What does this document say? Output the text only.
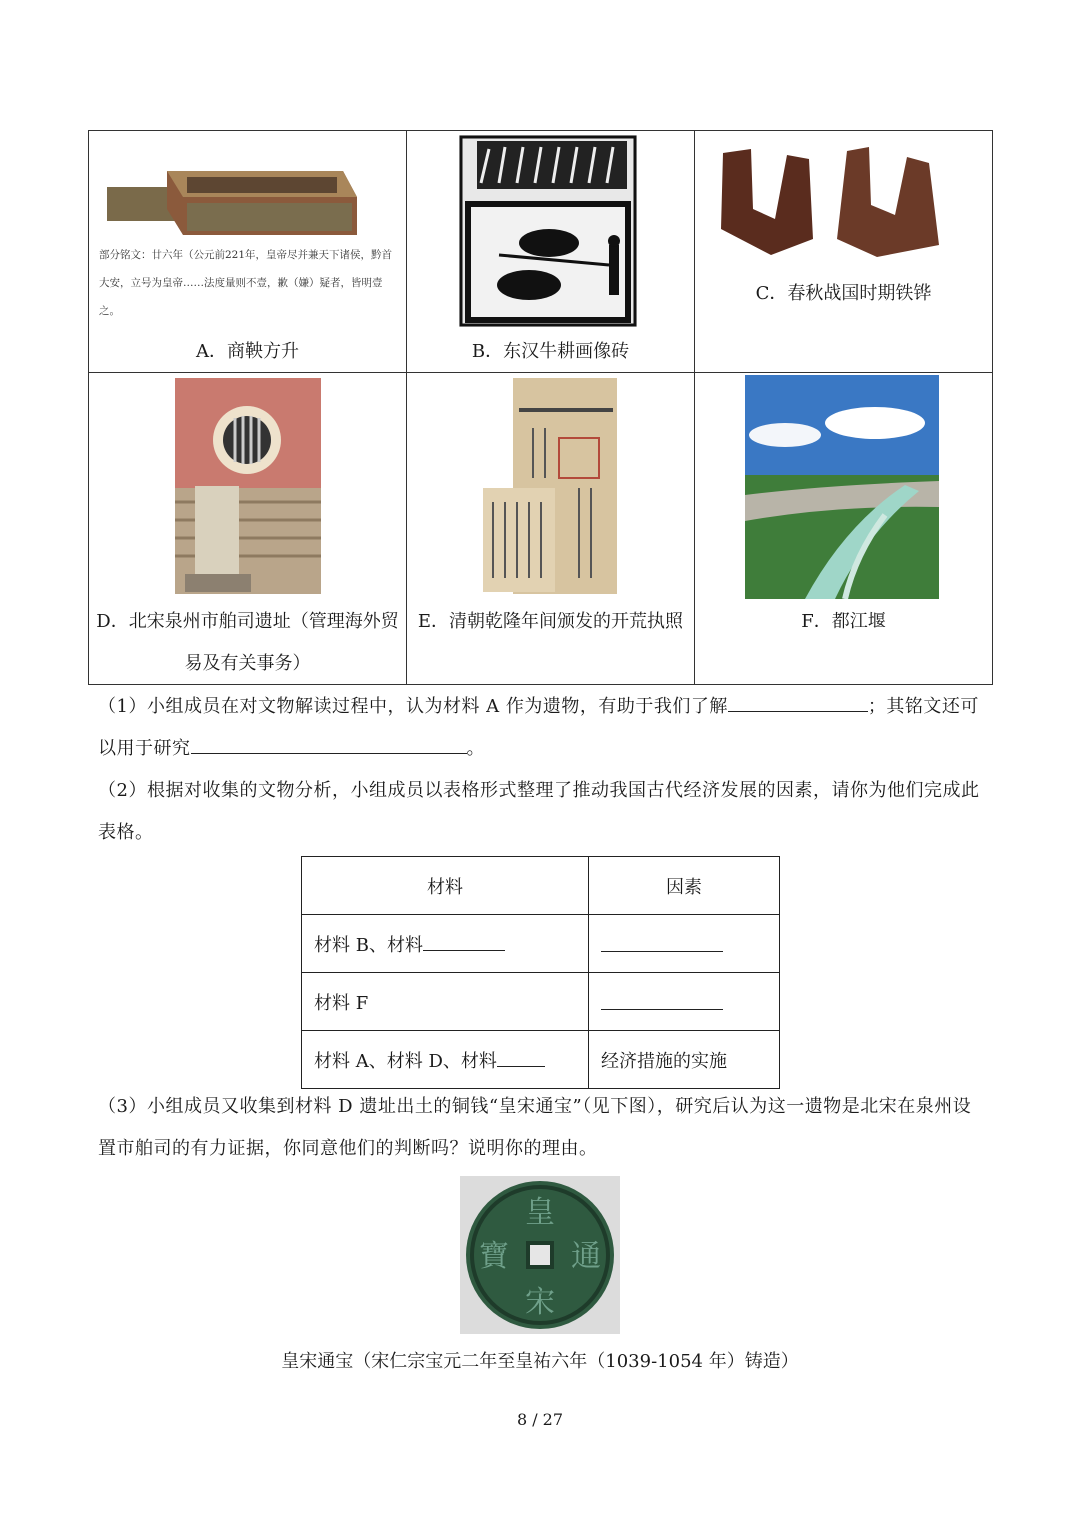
部分铭文：廿六年（公元前221年，皇帝尽并兼天下诸侯，黔首大安，立号为皇帝……法度量则不壹，歉（嫌）疑者，皆明壹之。
A．商鞅方升	B．东汉牛耕画像砖	C．春秋战国时期铁铧

D．北宋泉州市舶司遗址（管理海外贸易及有关事务）	E．清朝乾隆年间颁发的开荒执照	F．都江堰
（1）小组成员在对文物解读过程中，认为材料 A 作为遗物，有助于我们了解	；其铭文还可以用于研究	。
（2）根据对收集的文物分析，小组成员以表格形式整理了推动我国古代经济发展的因素，请你为他们完成此表格。
材料	因素
材料 B、材料	
材料 F	
材料 A、材料 D、材料	经济措施的实施
（3）小组成员又收集到材料 D 遗址出土的铜钱“皇宋通宝”（见下图），研究后认为这一遗物是北宋在泉州设置市舶司的有力证据，你同意他们的判断吗？说明你的理由。
皇
宋
通
寶
皇宋通宝（宋仁宗宝元二年至皇祐六年（1039-1054 年）铸造）
8 / 27
